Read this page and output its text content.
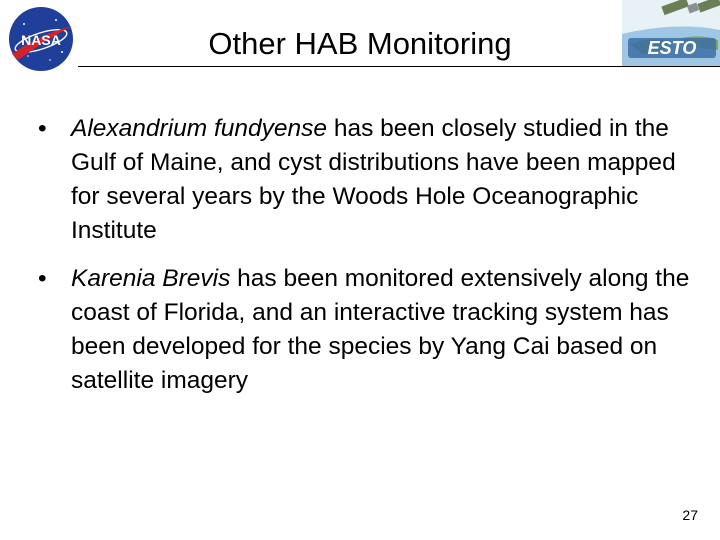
NASA	ESTO
Other HAB Monitoring
• Alexandrium fundyense has been closely studied in the Gulf of Maine, and cyst distributions have been mapped for several years by the Woods Hole Oceanographic Institute
• Karenia Brevis has been monitored extensively along the coast of Florida, and an interactive tracking system has been developed for the species by Yang Cai based on satellite imagery
27
